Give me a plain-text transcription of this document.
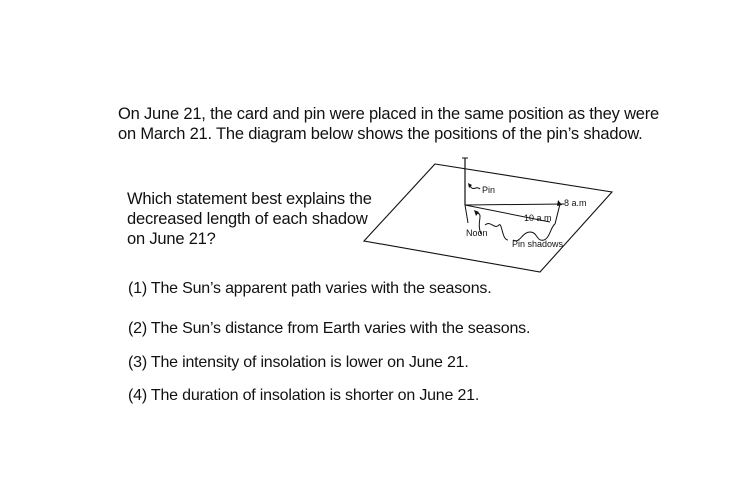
On June 21, the card and pin were placed in the same position as they were
on March 21. The diagram below shows the positions of the pin’s shadow.
Which statement best explains the
decreased length of each shadow
on June 21?
Pin
8 a.m
10 a.m
Noon
Pin shadows
(1) The Sun’s apparent path varies with the seasons.
(2) The Sun’s distance from Earth varies with the seasons.
(3) The intensity of insolation is lower on June 21.
(4) The duration of insolation is shorter on June 21.
